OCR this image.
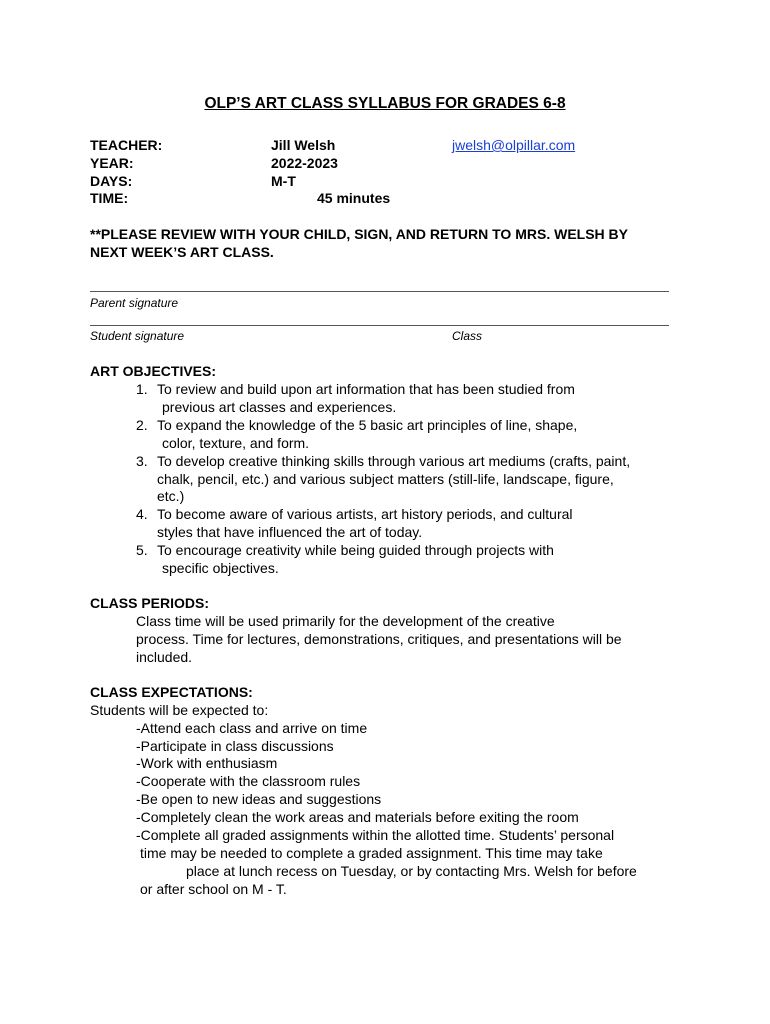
OLP’S ART CLASS SYLLABUS FOR GRADES 6-8
TEACHER:	Jill Welsh	jwelsh@olpillar.com
YEAR:	2022-2023
DAYS:	M-T
TIME:	45 minutes
**PLEASE REVIEW WITH YOUR CHILD, SIGN, AND RETURN TO MRS. WELSH BY
NEXT WEEK’S ART CLASS.
Parent signature
Student signature	Class
ART OBJECTIVES:
1. To review and build upon art information that has been studied from
previous art classes and experiences.
2. To expand the knowledge of the 5 basic art principles of line, shape,
color, texture, and form.
3. To develop creative thinking skills through various art mediums (crafts, paint,
chalk, pencil, etc.) and various subject matters (still-life, landscape, figure,
etc.)
4. To become aware of various artists, art history periods, and cultural
styles that have influenced the art of today.
5. To encourage creativity while being guided through projects with
specific objectives.
CLASS PERIODS:
Class time will be used primarily for the development of the creative
process. Time for lectures, demonstrations, critiques, and presentations will be
included.
CLASS EXPECTATIONS:
Students will be expected to:
-Attend each class and arrive on time
-Participate in class discussions
-Work with enthusiasm
-Cooperate with the classroom rules
-Be open to new ideas and suggestions
-Completely clean the work areas and materials before exiting the room
-Complete all graded assignments within the allotted time. Students’ personal
time may be needed to complete a graded assignment. This time may take
place at lunch recess on Tuesday, or by contacting Mrs. Welsh for before
or after school on M - T.
